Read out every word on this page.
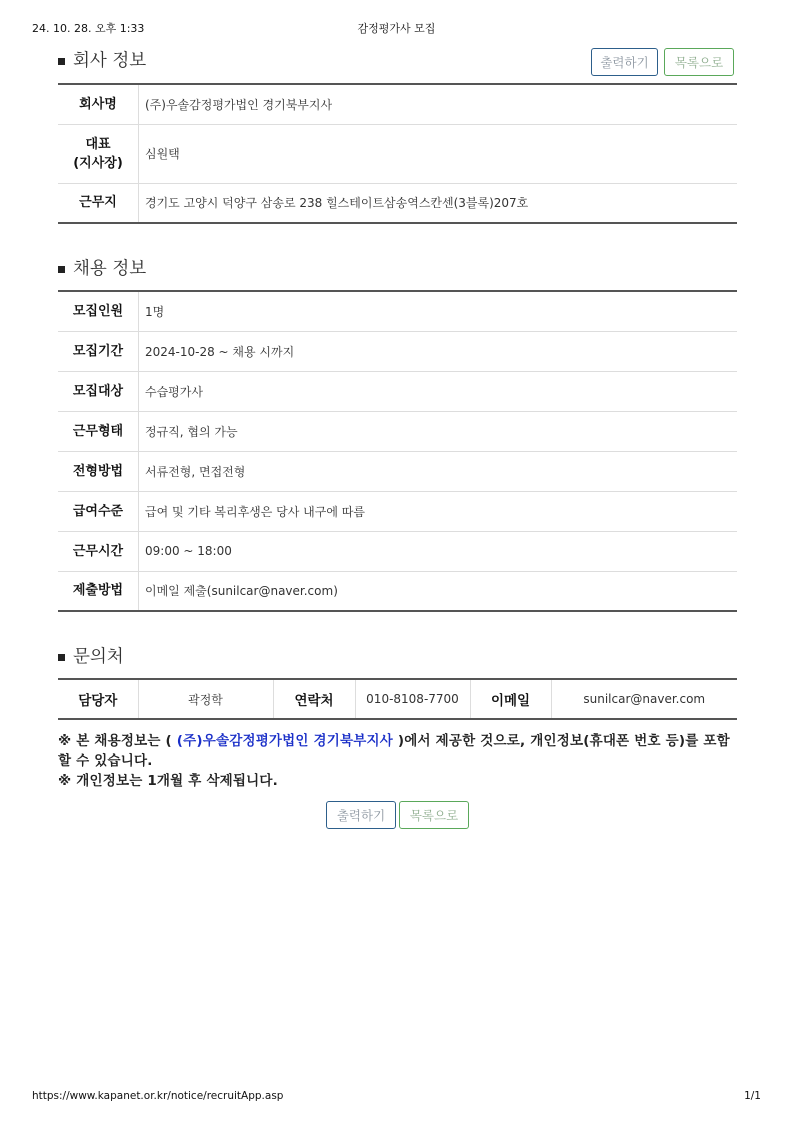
24. 10. 28. 오후 1:33	감정평가사 모집
회사 정보	출력하기	목록으로
회사명	(주)우솔감정평가법인 경기북부지사
대표
(지사장)	심원택
근무지	경기도 고양시 덕양구 삼송로 238 힐스테이트삼송역스칸센(3블록)207호
채용 정보
모집인원	1명
모집기간	2024-10-28 ~ 채용 시까지
모집대상	수습평가사
근무형태	정규직, 협의 가능
전형방법	서류전형, 면접전형
급여수준	급여 및 기타 복리후생은 당사 내구에 따름
근무시간	09:00 ~ 18:00
제출방법	이메일 제출(sunilcar@naver.com)
문의처
담당자	곽정학	연락처	010-8108-7700	이메일	sunilcar@naver.com
※ 본 채용정보는 ( (주)우솔감정평가법인 경기북부지사 )에서 제공한 것으로, 개인정보(휴대폰 번호 등)를 포함할 수 있습니다.
※ 개인정보는 1개월 후 삭제됩니다.
출력하기	목록으로
https://www.kapanet.or.kr/notice/recruitApp.asp	1/1
